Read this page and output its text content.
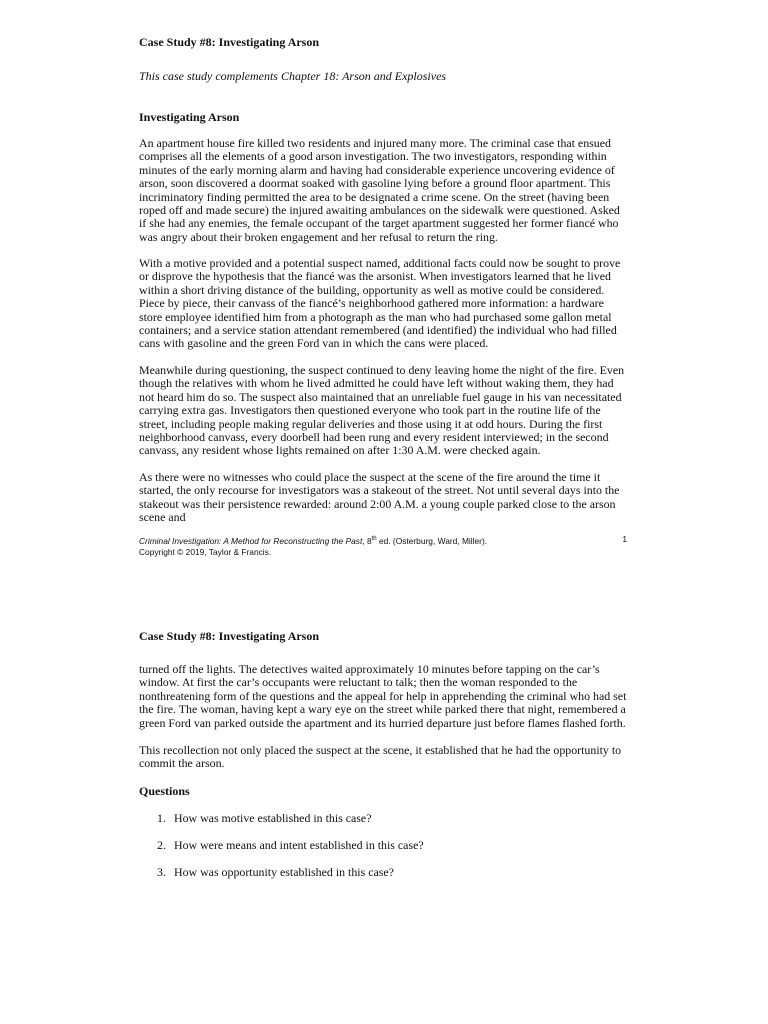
Case Study #8: Investigating Arson
This case study complements Chapter 18: Arson and Explosives
Investigating Arson

An apartment house fire killed two residents and injured many more. The criminal case that ensued comprises all the elements of a good arson investigation. The two investigators, responding within minutes of the early morning alarm and having had considerable experience uncovering evidence of arson, soon discovered a doormat soaked with gasoline lying before a ground floor apartment. This incriminatory finding permitted the area to be designated a crime scene. On the street (having been roped off and made secure) the injured awaiting ambulances on the sidewalk were questioned. Asked if she had any enemies, the female occupant of the target apartment suggested her former fiancé who was angry about their broken engagement and her refusal to return the ring.

With a motive provided and a potential suspect named, additional facts could now be sought to prove or disprove the hypothesis that the fiancé was the arsonist. When investigators learned that he lived within a short driving distance of the building, opportunity as well as motive could be considered. Piece by piece, their canvass of the fiancé’s neighborhood gathered more information: a hardware store employee identified him from a photograph as the man who had purchased some gallon metal containers; and a service station attendant remembered (and identified) the individual who had filled cans with gasoline and the green Ford van in which the cans were placed.

Meanwhile during questioning, the suspect continued to deny leaving home the night of the fire. Even though the relatives with whom he lived admitted he could have left without waking them, they had not heard him do so. The suspect also maintained that an unreliable fuel gauge in his van necessitated carrying extra gas. Investigators then questioned everyone who took part in the routine life of the street, including people making regular deliveries and those using it at odd hours. During the first neighborhood canvass, every doorbell had been rung and every resident interviewed; in the second canvass, any resident whose lights remained on after 1:30 A.M. were checked again.

As there were no witnesses who could place the suspect at the scene of the fire around the time it started, the only recourse for investigators was a stakeout of the street. Not until several days into the stakeout was their persistence rewarded: around 2:00 A.M. a young couple parked close to the arson scene and

Criminal Investigation: A Method for Reconstructing the Past, 8th ed. (Osterburg, Ward, Miller).
Copyright © 2019, Taylor & Francis.
1
Case Study #8: Investigating Arson

turned off the lights. The detectives waited approximately 10 minutes before tapping on the car’s window. At first the car’s occupants were reluctant to talk; then the woman responded to the nonthreatening form of the questions and the appeal for help in apprehending the criminal who had set the fire. The woman, having kept a wary eye on the street while parked there that night, remembered a green Ford van parked outside the apartment and its hurried departure just before flames flashed forth.

This recollection not only placed the suspect at the scene, it established that he had the opportunity to commit the arson.

Questions
1. How was motive established in this case?
2. How were means and intent established in this case?
3. How was opportunity established in this case?
